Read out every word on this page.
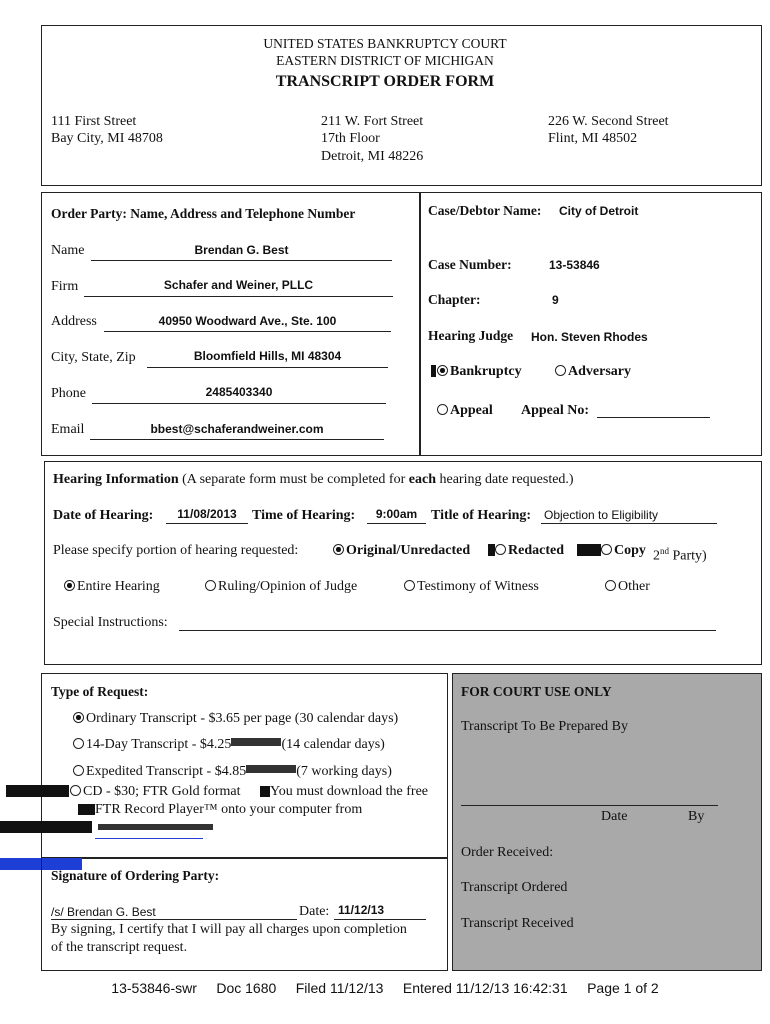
UNITED STATES BANKRUPTCY COURT
EASTERN DISTRICT OF MICHIGAN
TRANSCRIPT ORDER FORM
111 First Street
Bay City, MI 48708
211 W. Fort Street
17th Floor
Detroit, MI 48226
226 W. Second Street
Flint, MI 48502
Order Party: Name, Address and Telephone Number
Name	Brendan G. Best
Firm	Schafer and Weiner, PLLC
Address	40950 Woodward Ave., Ste. 100
City, State, Zip	Bloomfield Hills, MI 48304
Phone	2485403340
Email	bbest@schaferandweiner.com
Case/Debtor Name: City of Detroit
Case Number:	13-53846
Chapter:	9
Hearing Judge Hon. Steven Rhodes
Bankruptcy	Adversary
Appeal Appeal No:
Hearing Information (A separate form must be completed for each hearing date requested.)
Date of Hearing:	11/08/2013	Time of Hearing:	9:00am Title of Hearing: Objection to Eligibility
Please specify portion of hearing requested:	Original/Unredacted	Redacted	Copy 2nd Party)
Entire Hearing	Ruling/Opinion of Judge	Testimony of Witness	Other
Special Instructions:
Type of Request:
Ordinary Transcript - $3.65 per page (30 calendar days)
14-Day Transcript - $4.25	(14 calendar days)
Expedited Transcript - $4.85	(7 working days)
CD - $30; FTR Gold format You must download the free
FTR Record Player™ onto your computer from
Signature of Ordering Party:
/s/ Brendan G. Best	Date: 11/12/13
By signing, I certify that I will pay all charges upon completion
of the transcript request.
FOR COURT USE ONLY
Transcript To Be Prepared By
Date	By
Order Received:
Transcript Ordered
Transcript Received
13-53846-swr     Doc 1680     Filed 11/12/13     Entered 11/12/13 16:42:31     Page 1 of 2
